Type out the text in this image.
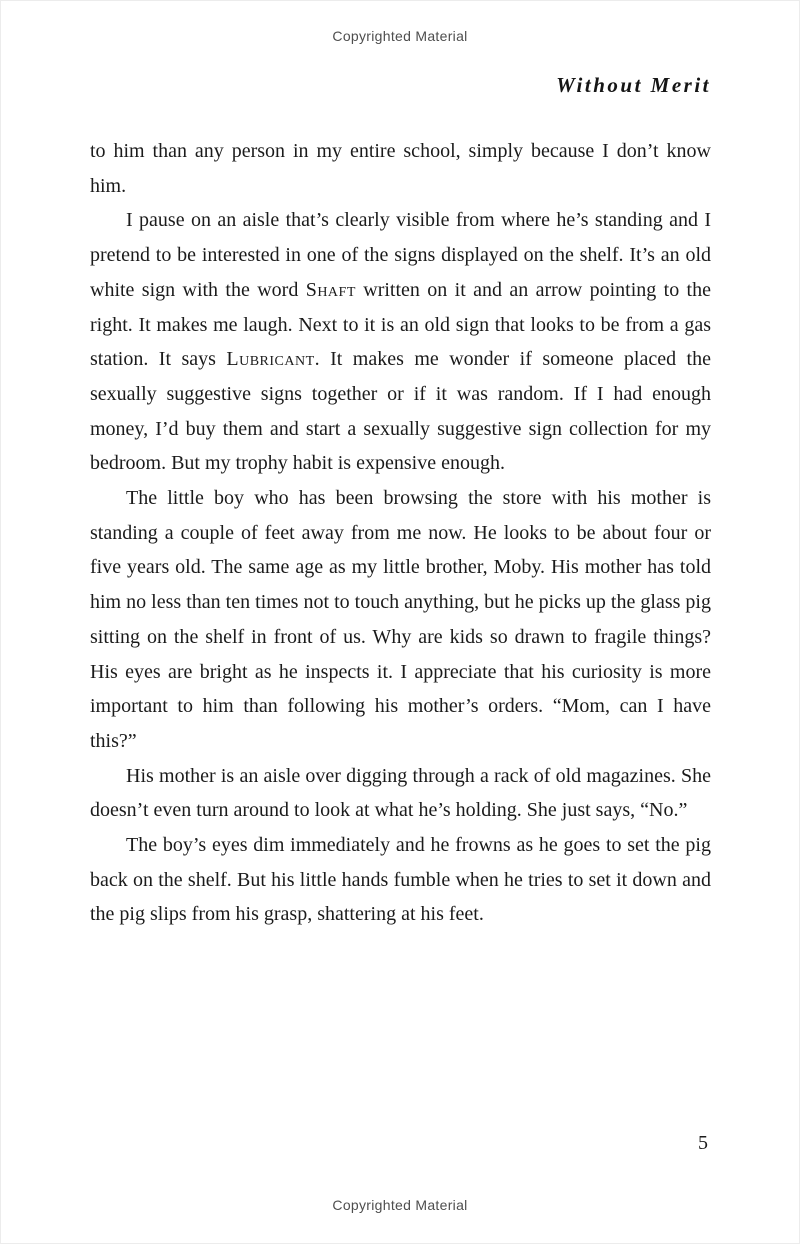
Copyrighted Material
Without Merit

to him than any person in my entire school, simply because I don’t know him.

I pause on an aisle that’s clearly visible from where he’s standing and I pretend to be interested in one of the signs displayed on the shelf. It’s an old white sign with the word Shaft written on it and an arrow pointing to the right. It makes me laugh. Next to it is an old sign that looks to be from a gas station. It says Lubricant. It makes me wonder if someone placed the sexually suggestive signs together or if it was random. If I had enough money, I’d buy them and start a sexually suggestive sign collection for my bedroom. But my trophy habit is expensive enough.

The little boy who has been browsing the store with his mother is standing a couple of feet away from me now. He looks to be about four or five years old. The same age as my little brother, Moby. His mother has told him no less than ten times not to touch anything, but he picks up the glass pig sitting on the shelf in front of us. Why are kids so drawn to fragile things? His eyes are bright as he inspects it. I appreciate that his curiosity is more important to him than following his mother’s orders. “Mom, can I have this?”

His mother is an aisle over digging through a rack of old magazines. She doesn’t even turn around to look at what he’s holding. She just says, “No.”

The boy’s eyes dim immediately and he frowns as he goes to set the pig back on the shelf. But his little hands fumble when he tries to set it down and the pig slips from his grasp, shattering at his feet.

5
Copyrighted Material
